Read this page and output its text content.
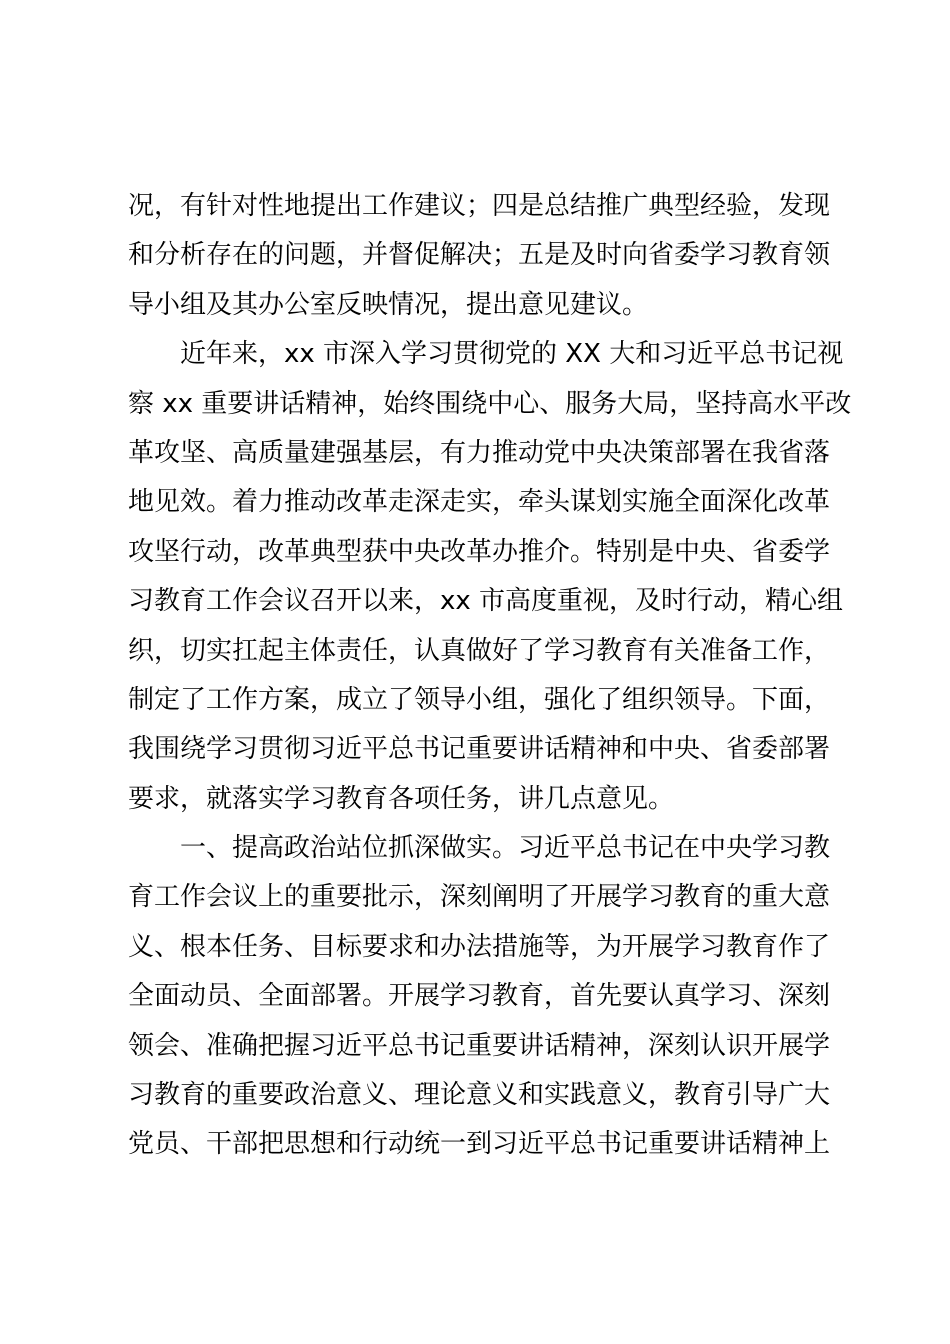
况，有针对性地提出工作建议；四是总结推广典型经验，发现
和分析存在的问题，并督促解决；五是及时向省委学习教育领
导小组及其办公室反映情况，提出意见建议。
近年来，xx 市深入学习贯彻党的 XX 大和习近平总书记视
察 xx 重要讲话精神，始终围绕中心、服务大局，坚持高水平改
革攻坚、高质量建强基层，有力推动党中央决策部署在我省落
地见效。着力推动改革走深走实，牵头谋划实施全面深化改革
攻坚行动，改革典型获中央改革办推介。特别是中央、省委学
习教育工作会议召开以来，xx 市高度重视，及时行动，精心组
织，切实扛起主体责任，认真做好了学习教育有关准备工作，
制定了工作方案，成立了领导小组，强化了组织领导。下面，
我围绕学习贯彻习近平总书记重要讲话精神和中央、省委部署
要求，就落实学习教育各项任务，讲几点意见。
一、提高政治站位抓深做实。习近平总书记在中央学习教
育工作会议上的重要批示，深刻阐明了开展学习教育的重大意
义、根本任务、目标要求和办法措施等，为开展学习教育作了
全面动员、全面部署。开展学习教育，首先要认真学习、深刻
领会、准确把握习近平总书记重要讲话精神，深刻认识开展学
习教育的重要政治意义、理论意义和实践意义，教育引导广大
党员、干部把思想和行动统一到习近平总书记重要讲话精神上
